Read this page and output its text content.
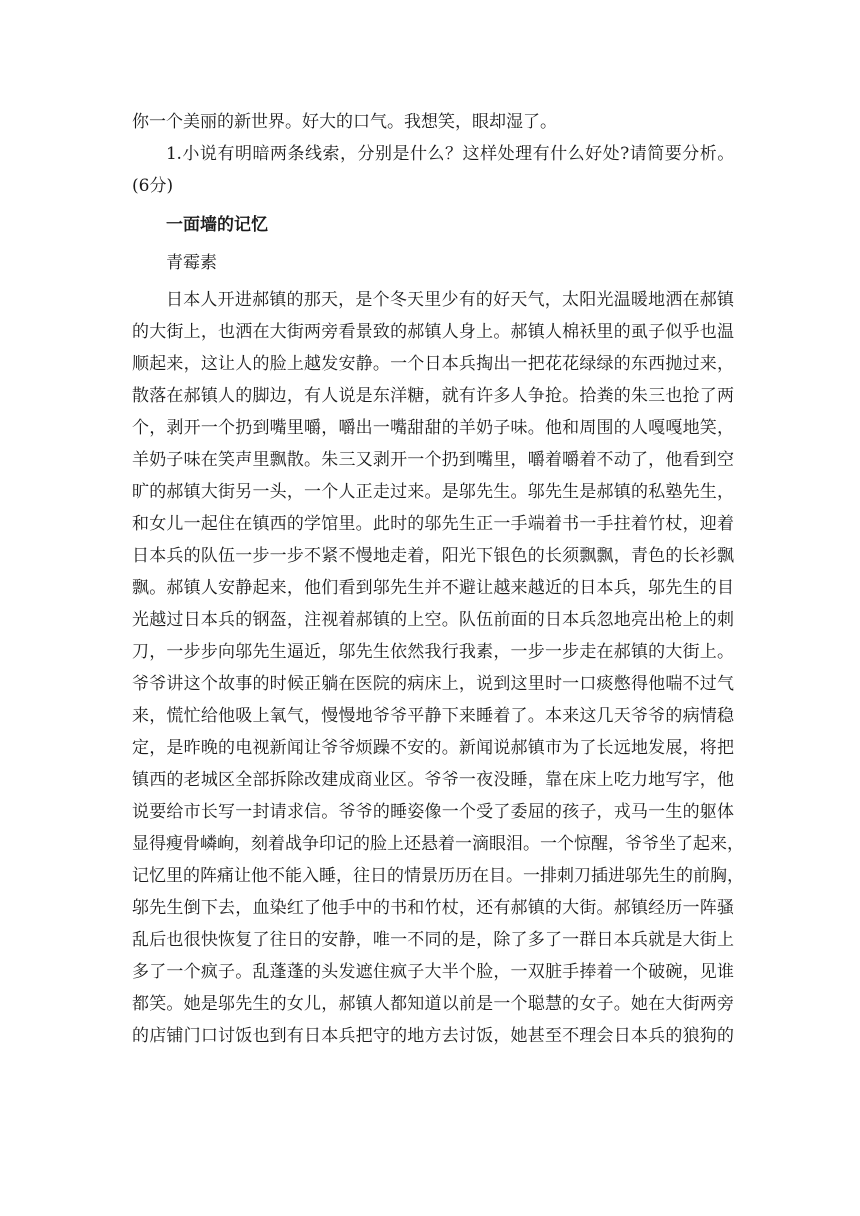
你一个美丽的新世界。好大的口气。我想笑，眼却湿了。

1.小说有明暗两条线索，分别是什么？这样处理有什么好处?请简要分析。

(6分)

一面墙的记忆

青霉素

日本人开进郝镇的那天，是个冬天里少有的好天气，太阳光温暖地洒在郝镇

的大街上，也洒在大街两旁看景致的郝镇人身上。郝镇人棉袄里的虱子似乎也温

顺起来，这让人的脸上越发安静。一个日本兵掏出一把花花绿绿的东西抛过来，

散落在郝镇人的脚边，有人说是东洋糖，就有许多人争抢。拾粪的朱三也抢了两

个，剥开一个扔到嘴里嚼，嚼出一嘴甜甜的羊奶子味。他和周围的人嘎嘎地笑，

羊奶子味在笑声里飘散。朱三又剥开一个扔到嘴里，嚼着嚼着不动了，他看到空

旷的郝镇大街另一头，一个人正走过来。是邬先生。邬先生是郝镇的私塾先生，

和女儿一起住在镇西的学馆里。此时的邬先生正一手端着书一手拄着竹杖，迎着

日本兵的队伍一步一步不紧不慢地走着，阳光下银色的长须飘飘，青色的长衫飘

飘。郝镇人安静起来，他们看到邬先生并不避让越来越近的日本兵，邬先生的目

光越过日本兵的钢盔，注视着郝镇的上空。队伍前面的日本兵忽地亮出枪上的刺

刀，一步步向邬先生逼近，邬先生依然我行我素，一步一步走在郝镇的大街上。

爷爷讲这个故事的时候正躺在医院的病床上，说到这里时一口痰憋得他喘不过气

来，慌忙给他吸上氧气，慢慢地爷爷平静下来睡着了。本来这几天爷爷的病情稳

定，是昨晚的电视新闻让爷爷烦躁不安的。新闻说郝镇市为了长远地发展，将把

镇西的老城区全部拆除改建成商业区。爷爷一夜没睡，靠在床上吃力地写字，他

说要给市长写一封请求信。爷爷的睡姿像一个受了委屈的孩子，戎马一生的躯体

显得瘦骨嶙峋，刻着战争印记的脸上还悬着一滴眼泪。一个惊醒，爷爷坐了起来，

记忆里的阵痛让他不能入睡，往日的情景历历在目。一排刺刀插进邬先生的前胸，

邬先生倒下去，血染红了他手中的书和竹杖，还有郝镇的大街。郝镇经历一阵骚

乱后也很快恢复了往日的安静，唯一不同的是，除了多了一群日本兵就是大街上

多了一个疯子。乱蓬蓬的头发遮住疯子大半个脸，一双脏手捧着一个破碗，见谁

都笑。她是邬先生的女儿，郝镇人都知道以前是一个聪慧的女子。她在大街两旁

的店铺门口讨饭也到有日本兵把守的地方去讨饭，她甚至不理会日本兵的狼狗的
